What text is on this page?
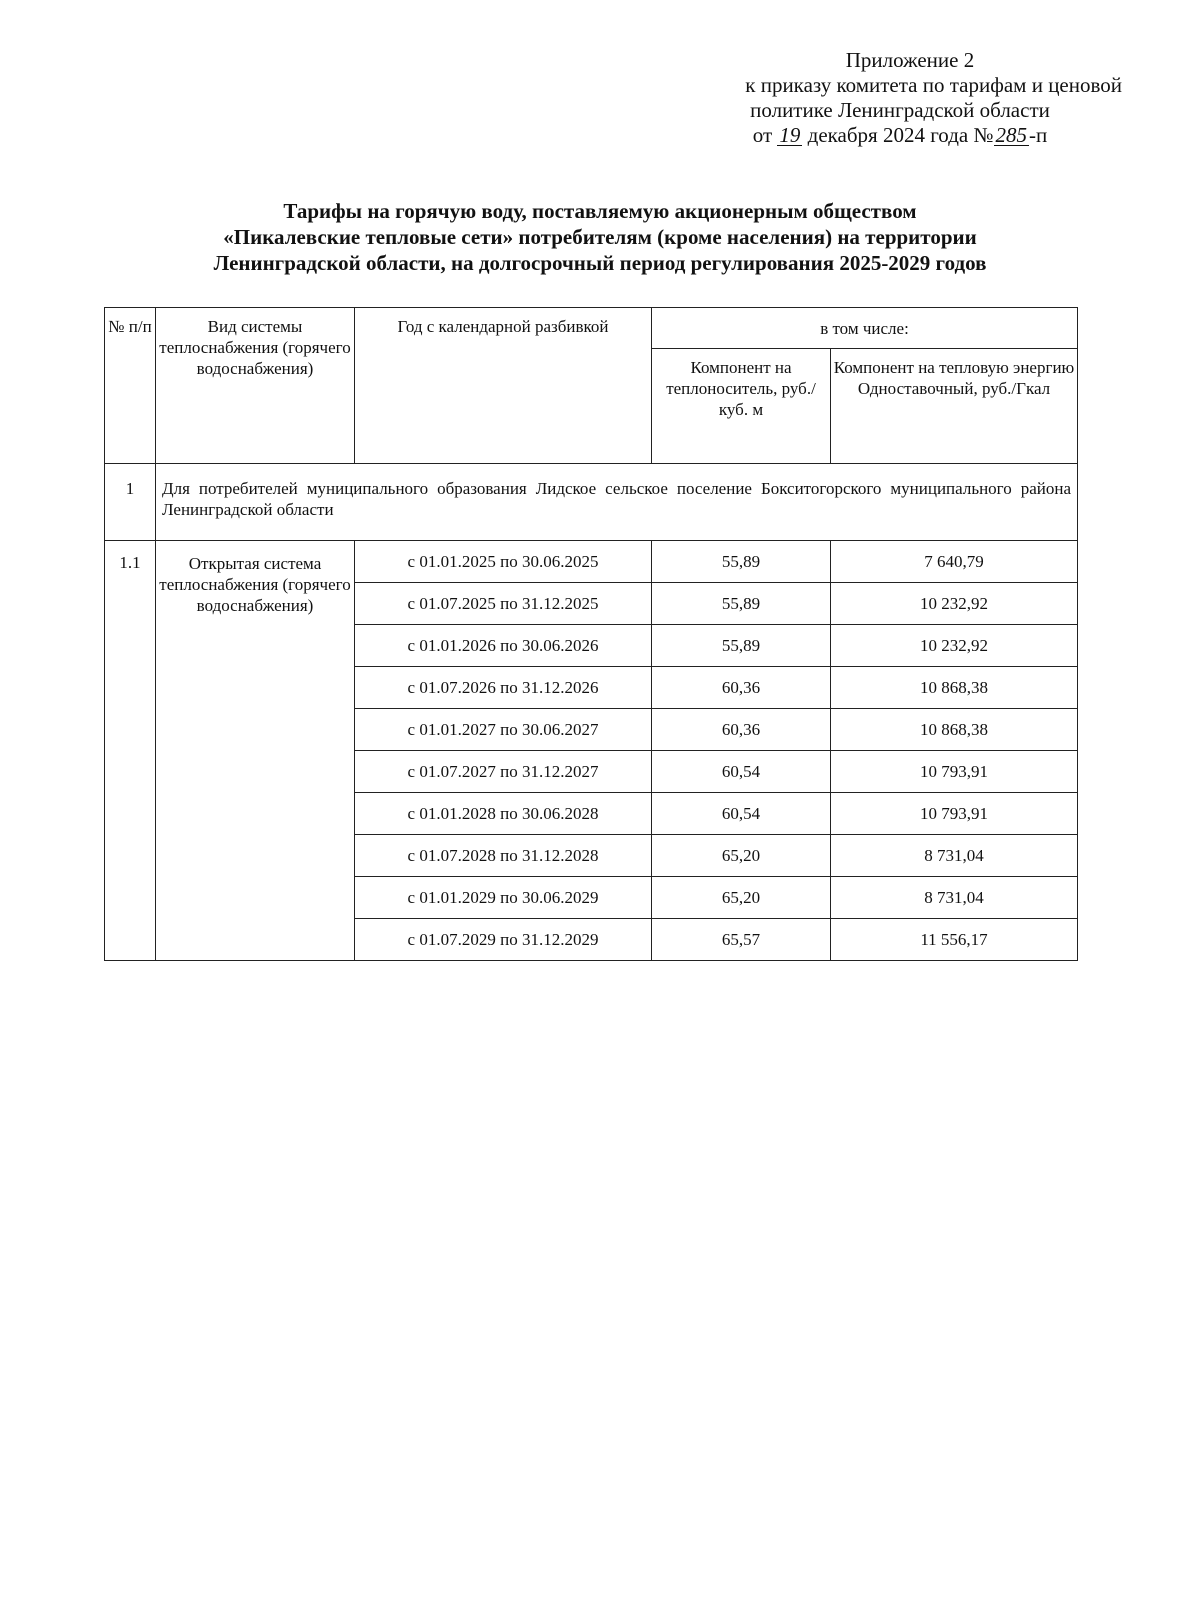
Приложение 2
к приказу комитета по тарифам и ценовой
политике Ленинградской области
от 19 декабря 2024 года №285-п
Тарифы на горячую воду, поставляемую акционерным обществом
«Пикалевские тепловые сети» потребителям (кроме населения) на территории
Ленинградской области, на долгосрочный период регулирования 2025-2029 годов
№ п/п	Вид системы теплоснабжения (горячего водоснабжения)	Год с календарной разбивкой	в том числе:	
			Компонент на теплоноситель, руб./куб. м	Компонент на тепловую энергию Одноставочный, руб./Гкал
1	Для потребителей муниципального образования Лидское сельское поселение Бокситогорского муниципального района Ленинградской области			
1.1	Открытая система теплоснабжения (горячего водоснабжения)	с 01.01.2025 по 30.06.2025	55,89	7 640,79
		с 01.07.2025 по 31.12.2025	55,89	10 232,92
		с 01.01.2026 по 30.06.2026	55,89	10 232,92
		с 01.07.2026 по 31.12.2026	60,36	10 868,38
		с 01.01.2027 по 30.06.2027	60,36	10 868,38
		с 01.07.2027 по 31.12.2027	60,54	10 793,91
		с 01.01.2028 по 30.06.2028	60,54	10 793,91
		с 01.07.2028 по 31.12.2028	65,20	8 731,04
		с 01.01.2029 по 30.06.2029	65,20	8 731,04
		с 01.07.2029 по 31.12.2029	65,57	11 556,17
